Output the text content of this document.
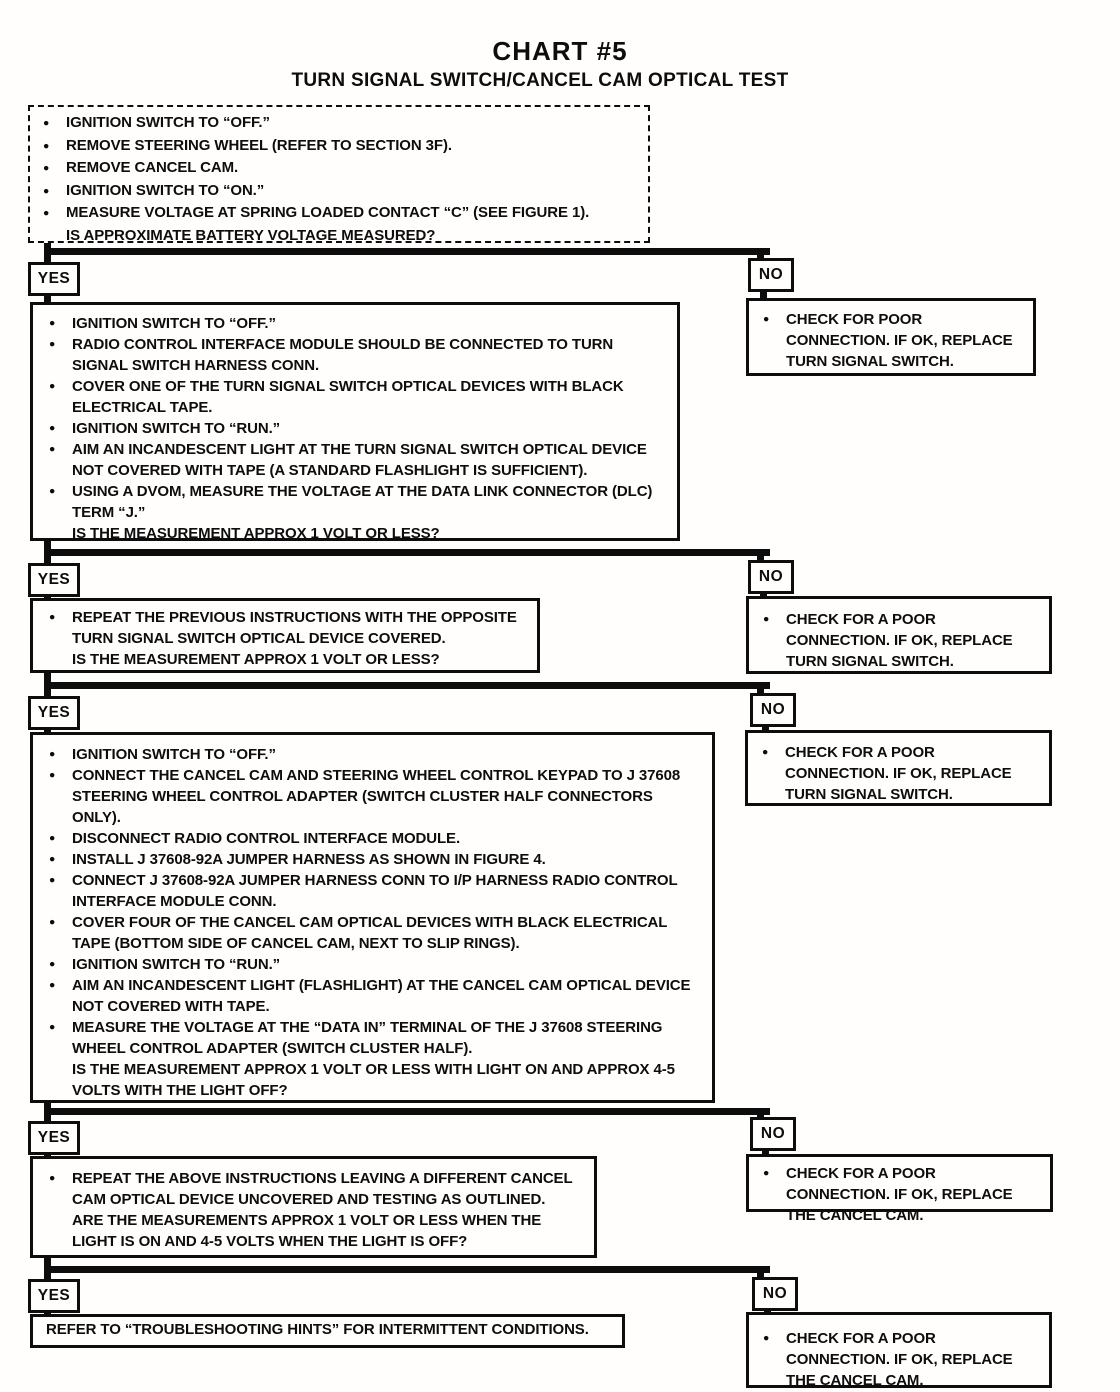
CHART #5
TURN SIGNAL SWITCH/CANCEL CAM OPTICAL TEST
●	IGNITION SWITCH TO “OFF.”
●	REMOVE STEERING WHEEL (REFER TO SECTION 3F).
●	REMOVE CANCEL CAM.
●	IGNITION SWITCH TO “ON.”
●	MEASURE VOLTAGE AT SPRING LOADED CONTACT “C” (SEE FIGURE 1).
IS APPROXIMATE BATTERY VOLTAGE MEASURED?
YES	NO
●	CHECK FOR POOR CONNECTION. IF OK, REPLACE TURN SIGNAL SWITCH.
●	IGNITION SWITCH TO “OFF.”
●	RADIO CONTROL INTERFACE MODULE SHOULD BE CONNECTED TO TURN SIGNAL SWITCH HARNESS CONN.
●	COVER ONE OF THE TURN SIGNAL SWITCH OPTICAL DEVICES WITH BLACK ELECTRICAL TAPE.
●	IGNITION SWITCH TO “RUN.”
●	AIM AN INCANDESCENT LIGHT AT THE TURN SIGNAL SWITCH OPTICAL DEVICE NOT COVERED WITH TAPE (A STANDARD FLASHLIGHT IS SUFFICIENT).
●	USING A DVOM, MEASURE THE VOLTAGE AT THE DATA LINK CONNECTOR (DLC) TERM “J.”
IS THE MEASUREMENT APPROX 1 VOLT OR LESS?
YES	NO
●	CHECK FOR A POOR CONNECTION. IF OK, REPLACE TURN SIGNAL SWITCH.
●	REPEAT THE PREVIOUS INSTRUCTIONS WITH THE OPPOSITE TURN SIGNAL SWITCH OPTICAL DEVICE COVERED.
IS THE MEASUREMENT APPROX 1 VOLT OR LESS?
YES	NO
●	CHECK FOR A POOR CONNECTION. IF OK, REPLACE TURN SIGNAL SWITCH.
●	IGNITION SWITCH TO “OFF.”
●	CONNECT THE CANCEL CAM AND STEERING WHEEL CONTROL KEYPAD TO J 37608 STEERING WHEEL CONTROL ADAPTER (SWITCH CLUSTER HALF CONNECTORS ONLY).
●	DISCONNECT RADIO CONTROL INTERFACE MODULE.
●	INSTALL J 37608-92A JUMPER HARNESS AS SHOWN IN FIGURE 4.
●	CONNECT J 37608-92A JUMPER HARNESS CONN TO I/P HARNESS RADIO CONTROL INTERFACE MODULE CONN.
●	COVER FOUR OF THE CANCEL CAM OPTICAL DEVICES WITH BLACK ELECTRICAL TAPE (BOTTOM SIDE OF CANCEL CAM, NEXT TO SLIP RINGS).
●	IGNITION SWITCH TO “RUN.”
●	AIM AN INCANDESCENT LIGHT (FLASHLIGHT) AT THE CANCEL CAM OPTICAL DEVICE NOT COVERED WITH TAPE.
●	MEASURE THE VOLTAGE AT THE “DATA IN” TERMINAL OF THE J 37608 STEERING WHEEL CONTROL ADAPTER (SWITCH CLUSTER HALF).
IS THE MEASUREMENT APPROX 1 VOLT OR LESS WITH LIGHT ON AND APPROX 4-5 VOLTS WITH THE LIGHT OFF?
YES	NO
●	CHECK FOR A POOR CONNECTION. IF OK, REPLACE THE CANCEL CAM.
●	REPEAT THE ABOVE INSTRUCTIONS LEAVING A DIFFERENT CANCEL CAM OPTICAL DEVICE UNCOVERED AND TESTING AS OUTLINED.
ARE THE MEASUREMENTS APPROX 1 VOLT OR LESS WHEN THE LIGHT IS ON AND 4-5 VOLTS WHEN THE LIGHT IS OFF?
YES	NO
●	CHECK FOR A POOR CONNECTION. IF OK, REPLACE THE CANCEL CAM.
REFER TO “TROUBLESHOOTING HINTS” FOR INTERMITTENT CONDITIONS.
